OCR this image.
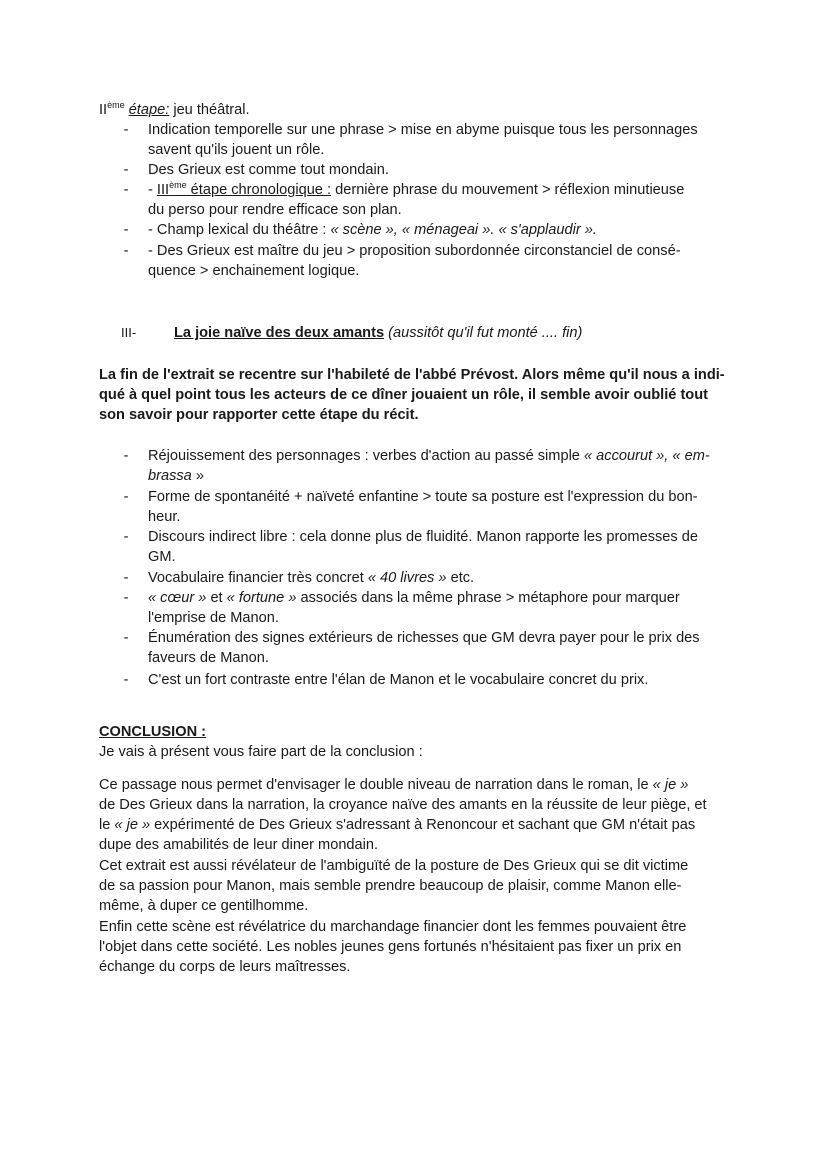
IIème étape: jeu théâtral.
- Indication temporelle sur une phrase > mise en abyme puisque tous les personnages
savent qu'ils jouent un rôle.
- Des Grieux est comme tout mondain.
- - IIIème étape chronologique : dernière phrase du mouvement > réflexion minutieuse
du perso pour rendre efficace son plan.
- - Champ lexical du théâtre : « scène », « ménageai ». « s'applaudir ».
- - Des Grieux est maître du jeu > proposition subordonnée circonstanciel de consé-
quence > enchainement logique.
III-	La joie naïve des deux amants (aussitôt qu'il fut monté .... fin)
La fin de l'extrait se recentre sur l'habileté de l'abbé Prévost. Alors même qu'il nous a indi-
qué à quel point tous les acteurs de ce dîner jouaient un rôle, il semble avoir oublié tout
son savoir pour rapporter cette étape du récit.
- Réjouissement des personnages : verbes d'action au passé simple « accourut », « em-
brassa »
- Forme de spontanéité + naïveté enfantine > toute sa posture est l'expression du bon-
heur.
- Discours indirect libre : cela donne plus de fluidité. Manon rapporte les promesses de
GM.
- Vocabulaire financier très concret « 40 livres » etc.
- « cœur » et « fortune » associés dans la même phrase > métaphore pour marquer
l'emprise de Manon.
- Énumération des signes extérieurs de richesses que GM devra payer pour le prix des
faveurs de Manon.
- C'est un fort contraste entre l'élan de Manon et le vocabulaire concret du prix.
CONCLUSION :
Je vais à présent vous faire part de la conclusion :
Ce passage nous permet d'envisager le double niveau de narration dans le roman, le « je »
de Des Grieux dans la narration, la croyance naïve des amants en la réussite de leur piège, et
le « je » expérimenté de Des Grieux s'adressant à Renoncour et sachant que GM n'était pas
dupe des amabilités de leur diner mondain.
Cet extrait est aussi révélateur de l'ambiguïté de la posture de Des Grieux qui se dit victime
de sa passion pour Manon, mais semble prendre beaucoup de plaisir, comme Manon elle-
même, à duper ce gentilhomme.
Enfin cette scène est révélatrice du marchandage financier dont les femmes pouvaient être
l'objet dans cette société. Les nobles jeunes gens fortunés n'hésitaient pas fixer un prix en
échange du corps de leurs maîtresses.
